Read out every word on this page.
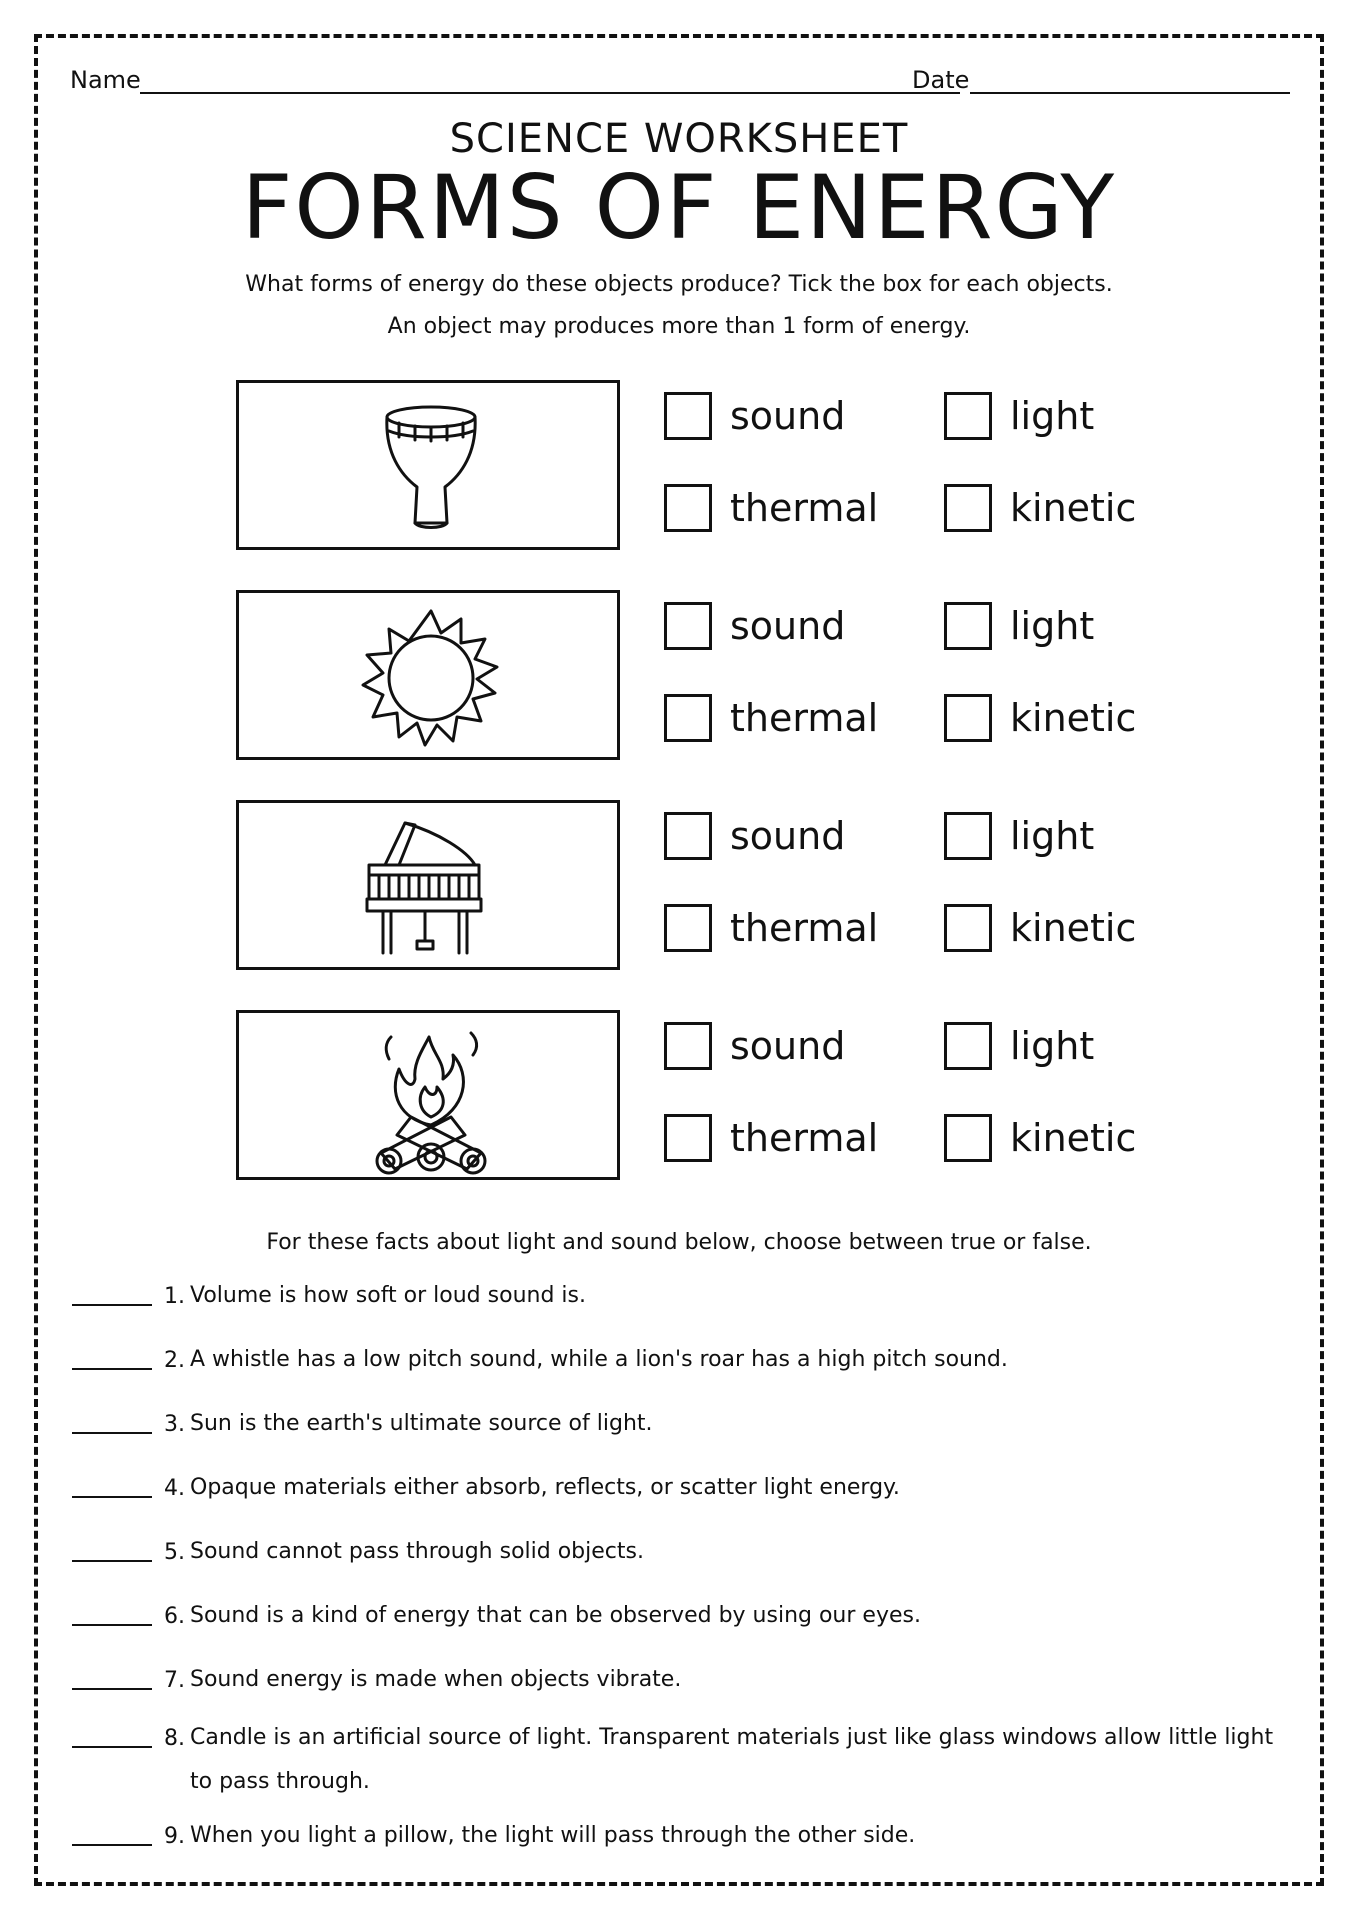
Name	Date
SCIENCE WORKSHEET
FORMS OF ENERGY
What forms of energy do these objects produce? Tick the box for each objects.
An object may produces more than 1 form of energy.
sound	light
thermal	kinetic
sound	light
thermal	kinetic
sound	light
thermal	kinetic
sound	light
thermal	kinetic
For these facts about light and sound below, choose between true or false.
1. Volume is how soft or loud sound is.
2. A whistle has a low pitch sound, while a lion's roar has a high pitch sound.
3. Sun is the earth's ultimate source of light.
4. Opaque materials either absorb, reflects, or scatter light energy.
5. Sound cannot pass through solid objects.
6. Sound is a kind of energy that can be observed by using our eyes.
7. Sound energy is made when objects vibrate.
8. Candle is an artificial source of light. Transparent materials just like glass windows allow little light to pass through.
9. When you light a pillow, the light will pass through the other side.
